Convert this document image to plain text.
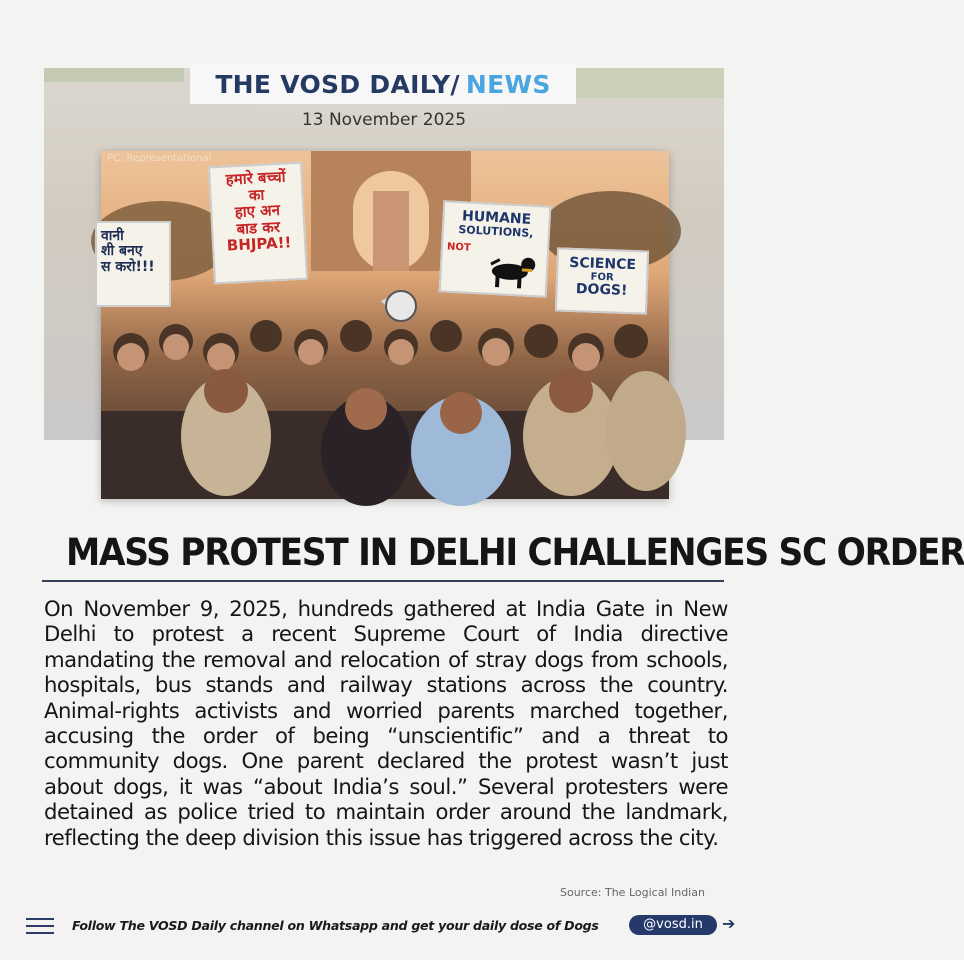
THE VOSD DAILY/ NEWS
13 November 2025
PC: Representational
वानी
शी बनए
स करो!!!
हमारे बच्चों
का
हाए अन
बाड कर
BHJPA!!
HUMANE
SOLUTIONS,
NOT
SCIENCE
FOR
DOGS!
MASS PROTEST IN DELHI CHALLENGES SC ORDER
On November 9, 2025, hundreds gathered at India Gate in New Delhi to protest a recent Supreme Court of India directive mandating the removal and relocation of stray dogs from schools, hospitals, bus stands and railway stations across the country. Animal-rights activists and worried parents marched together, accusing the order of being “unscientific” and a threat to community dogs. One parent declared the protest wasn’t just about dogs, it was “about India’s soul.” Several protesters were detained as police tried to maintain order around the landmark, reflecting the deep division this issue has triggered across the city.
Source: The Logical Indian
Follow The VOSD Daily channel on Whatsapp and get your daily dose of Dogs	@vosd.in	➔
